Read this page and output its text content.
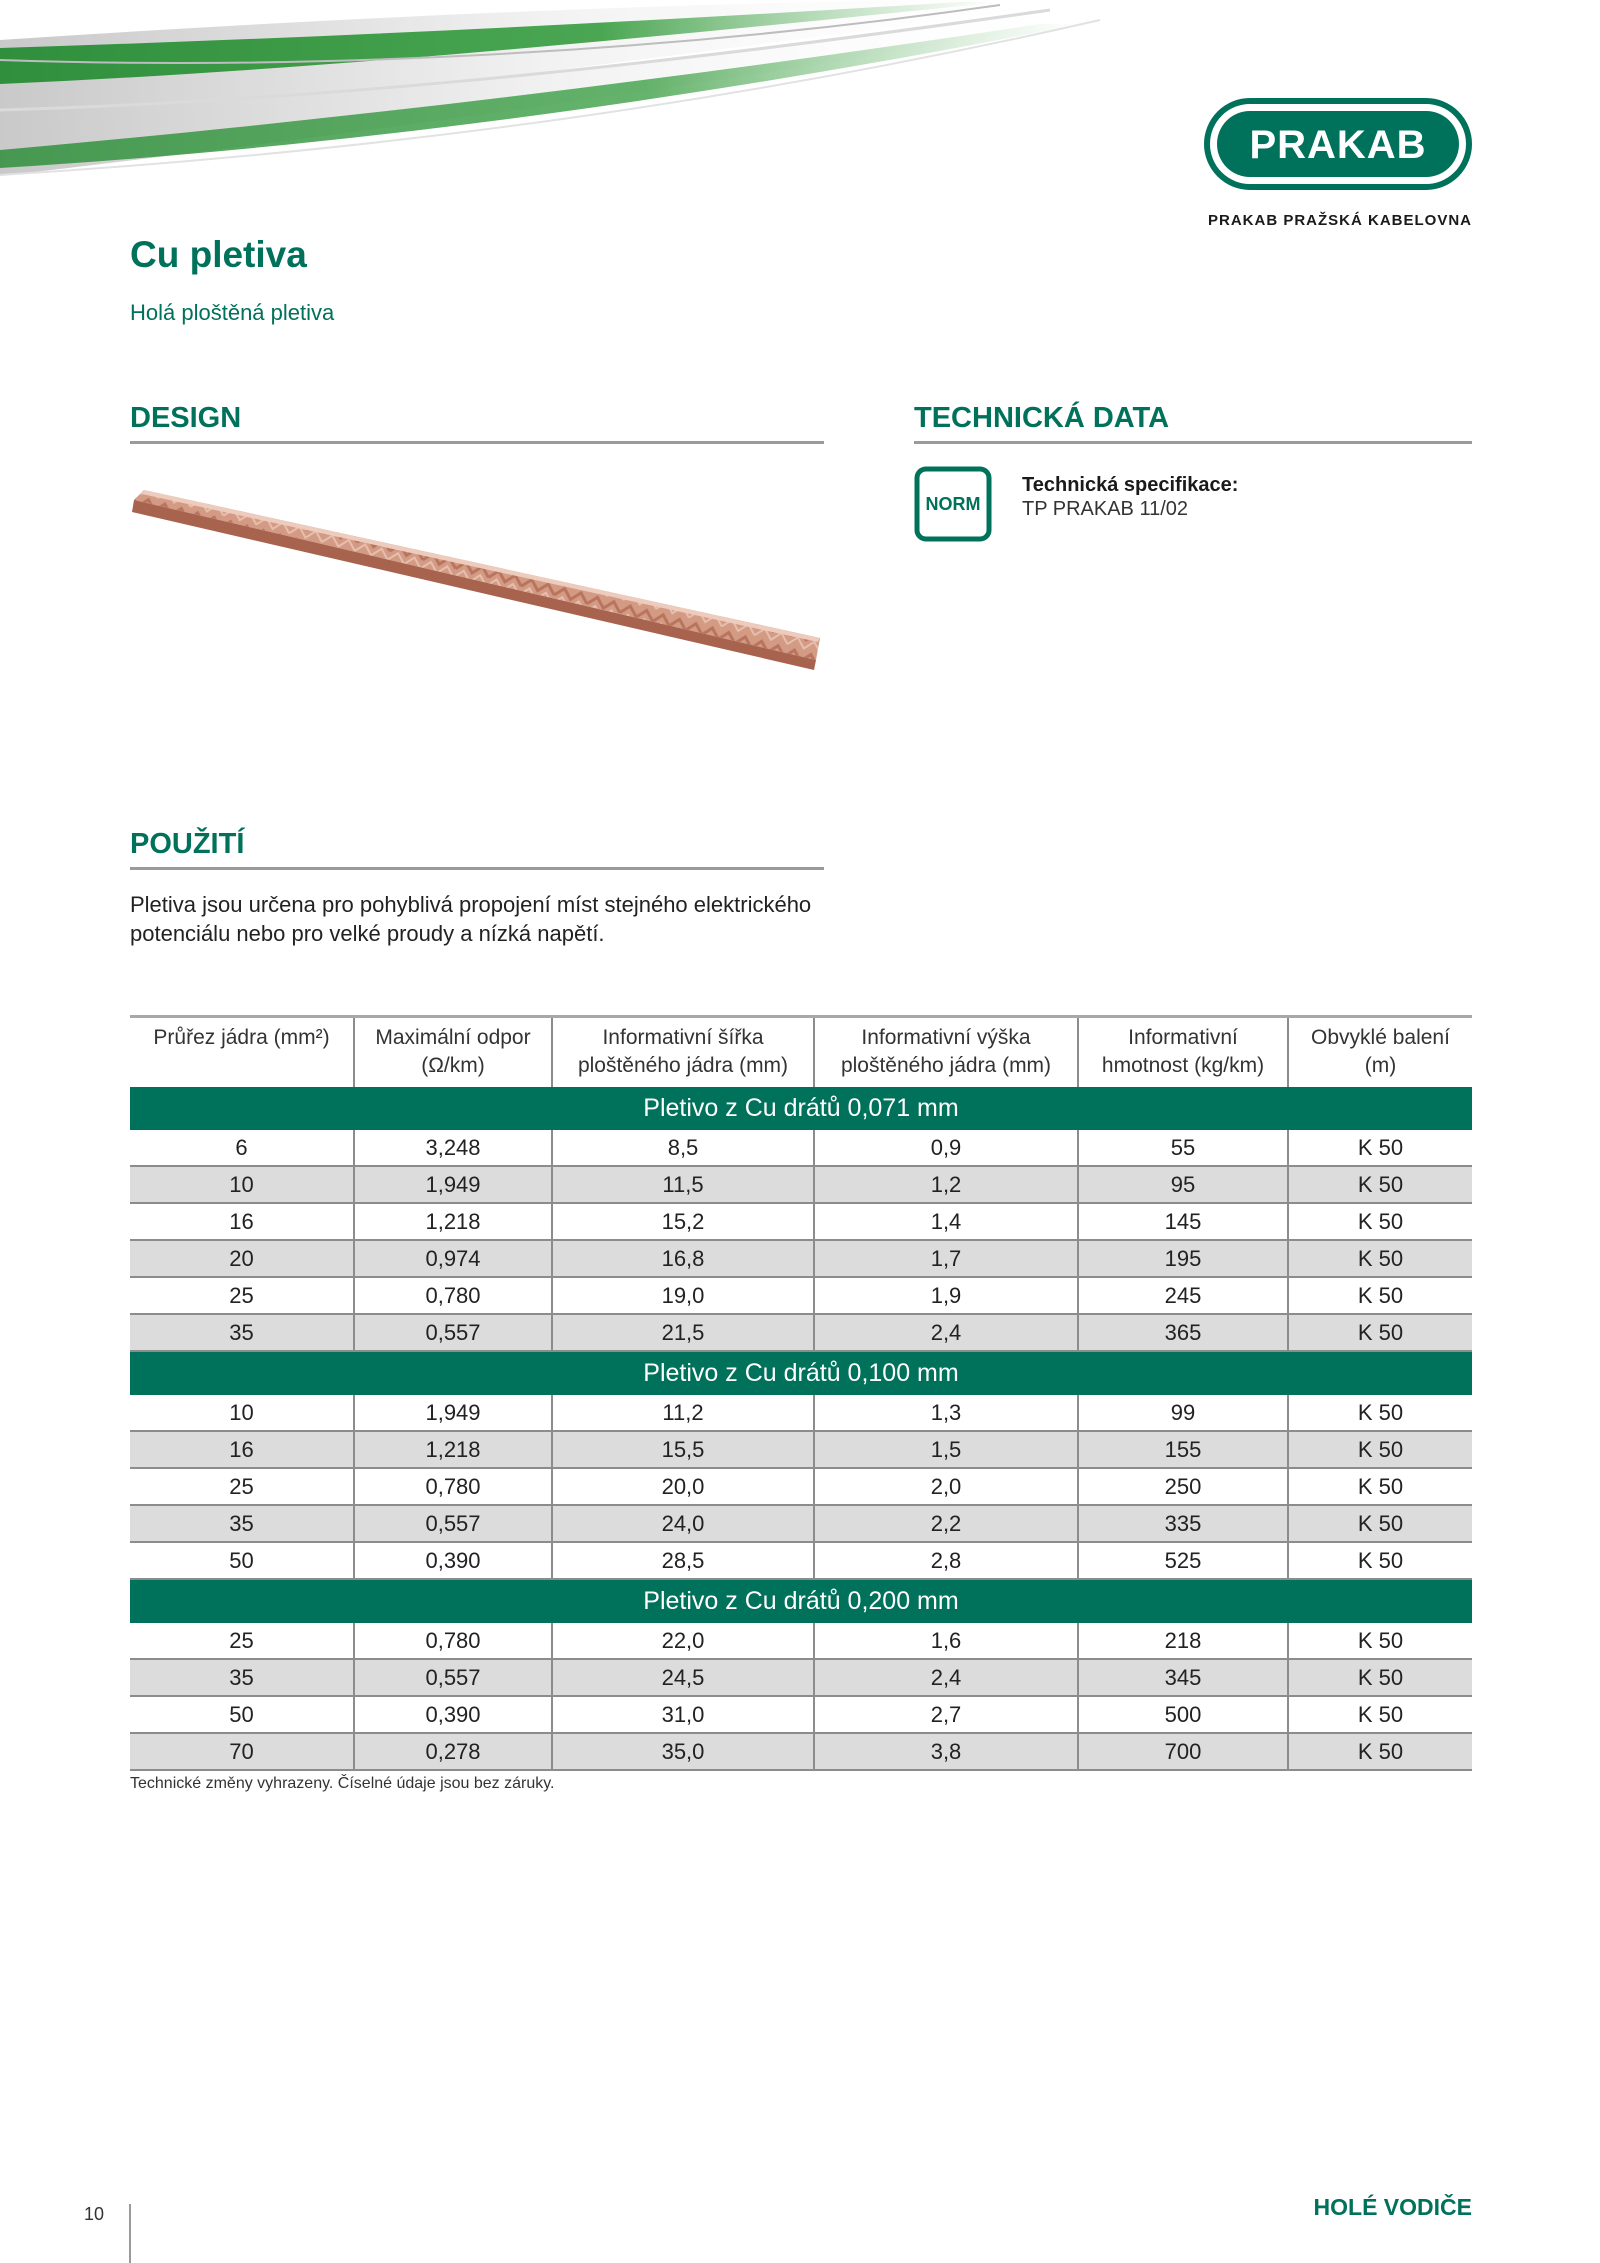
PRAKAB
PRAKAB PRAŽSKÁ KABELOVNA
Cu pletiva
Holá ploštěná pletiva
DESIGN	TECHNICKÁ DATA
NORM
Technická specifikace:
TP PRAKAB 11/02
POUŽITÍ
Pletiva jsou určena pro pohyblivá propojení míst stejného elektrického potenciálu nebo pro velké proudy a nízká napětí.
Průřez jádra (mm²)	Maximální odpor (Ω/km)	Informativní šířka ploštěného jádra (mm)	Informativní výška ploštěného jádra (mm)	Informativní hmotnost (kg/km)	Obvyklé balení (m)
Pletivo z Cu drátů 0,071 mm					
6	3,248	8,5	0,9	55	K 50
10	1,949	11,5	1,2	95	K 50
16	1,218	15,2	1,4	145	K 50
20	0,974	16,8	1,7	195	K 50
25	0,780	19,0	1,9	245	K 50
35	0,557	21,5	2,4	365	K 50
Pletivo z Cu drátů 0,100 mm					
10	1,949	11,2	1,3	99	K 50
16	1,218	15,5	1,5	155	K 50
25	0,780	20,0	2,0	250	K 50
35	0,557	24,0	2,2	335	K 50
50	0,390	28,5	2,8	525	K 50
Pletivo z Cu drátů 0,200 mm					
25	0,780	22,0	1,6	218	K 50
35	0,557	24,5	2,4	345	K 50
50	0,390	31,0	2,7	500	K 50
70	0,278	35,0	3,8	700	K 50
Technické změny vyhrazeny. Číselné údaje jsou bez záruky.
10	HOLÉ VODIČE
